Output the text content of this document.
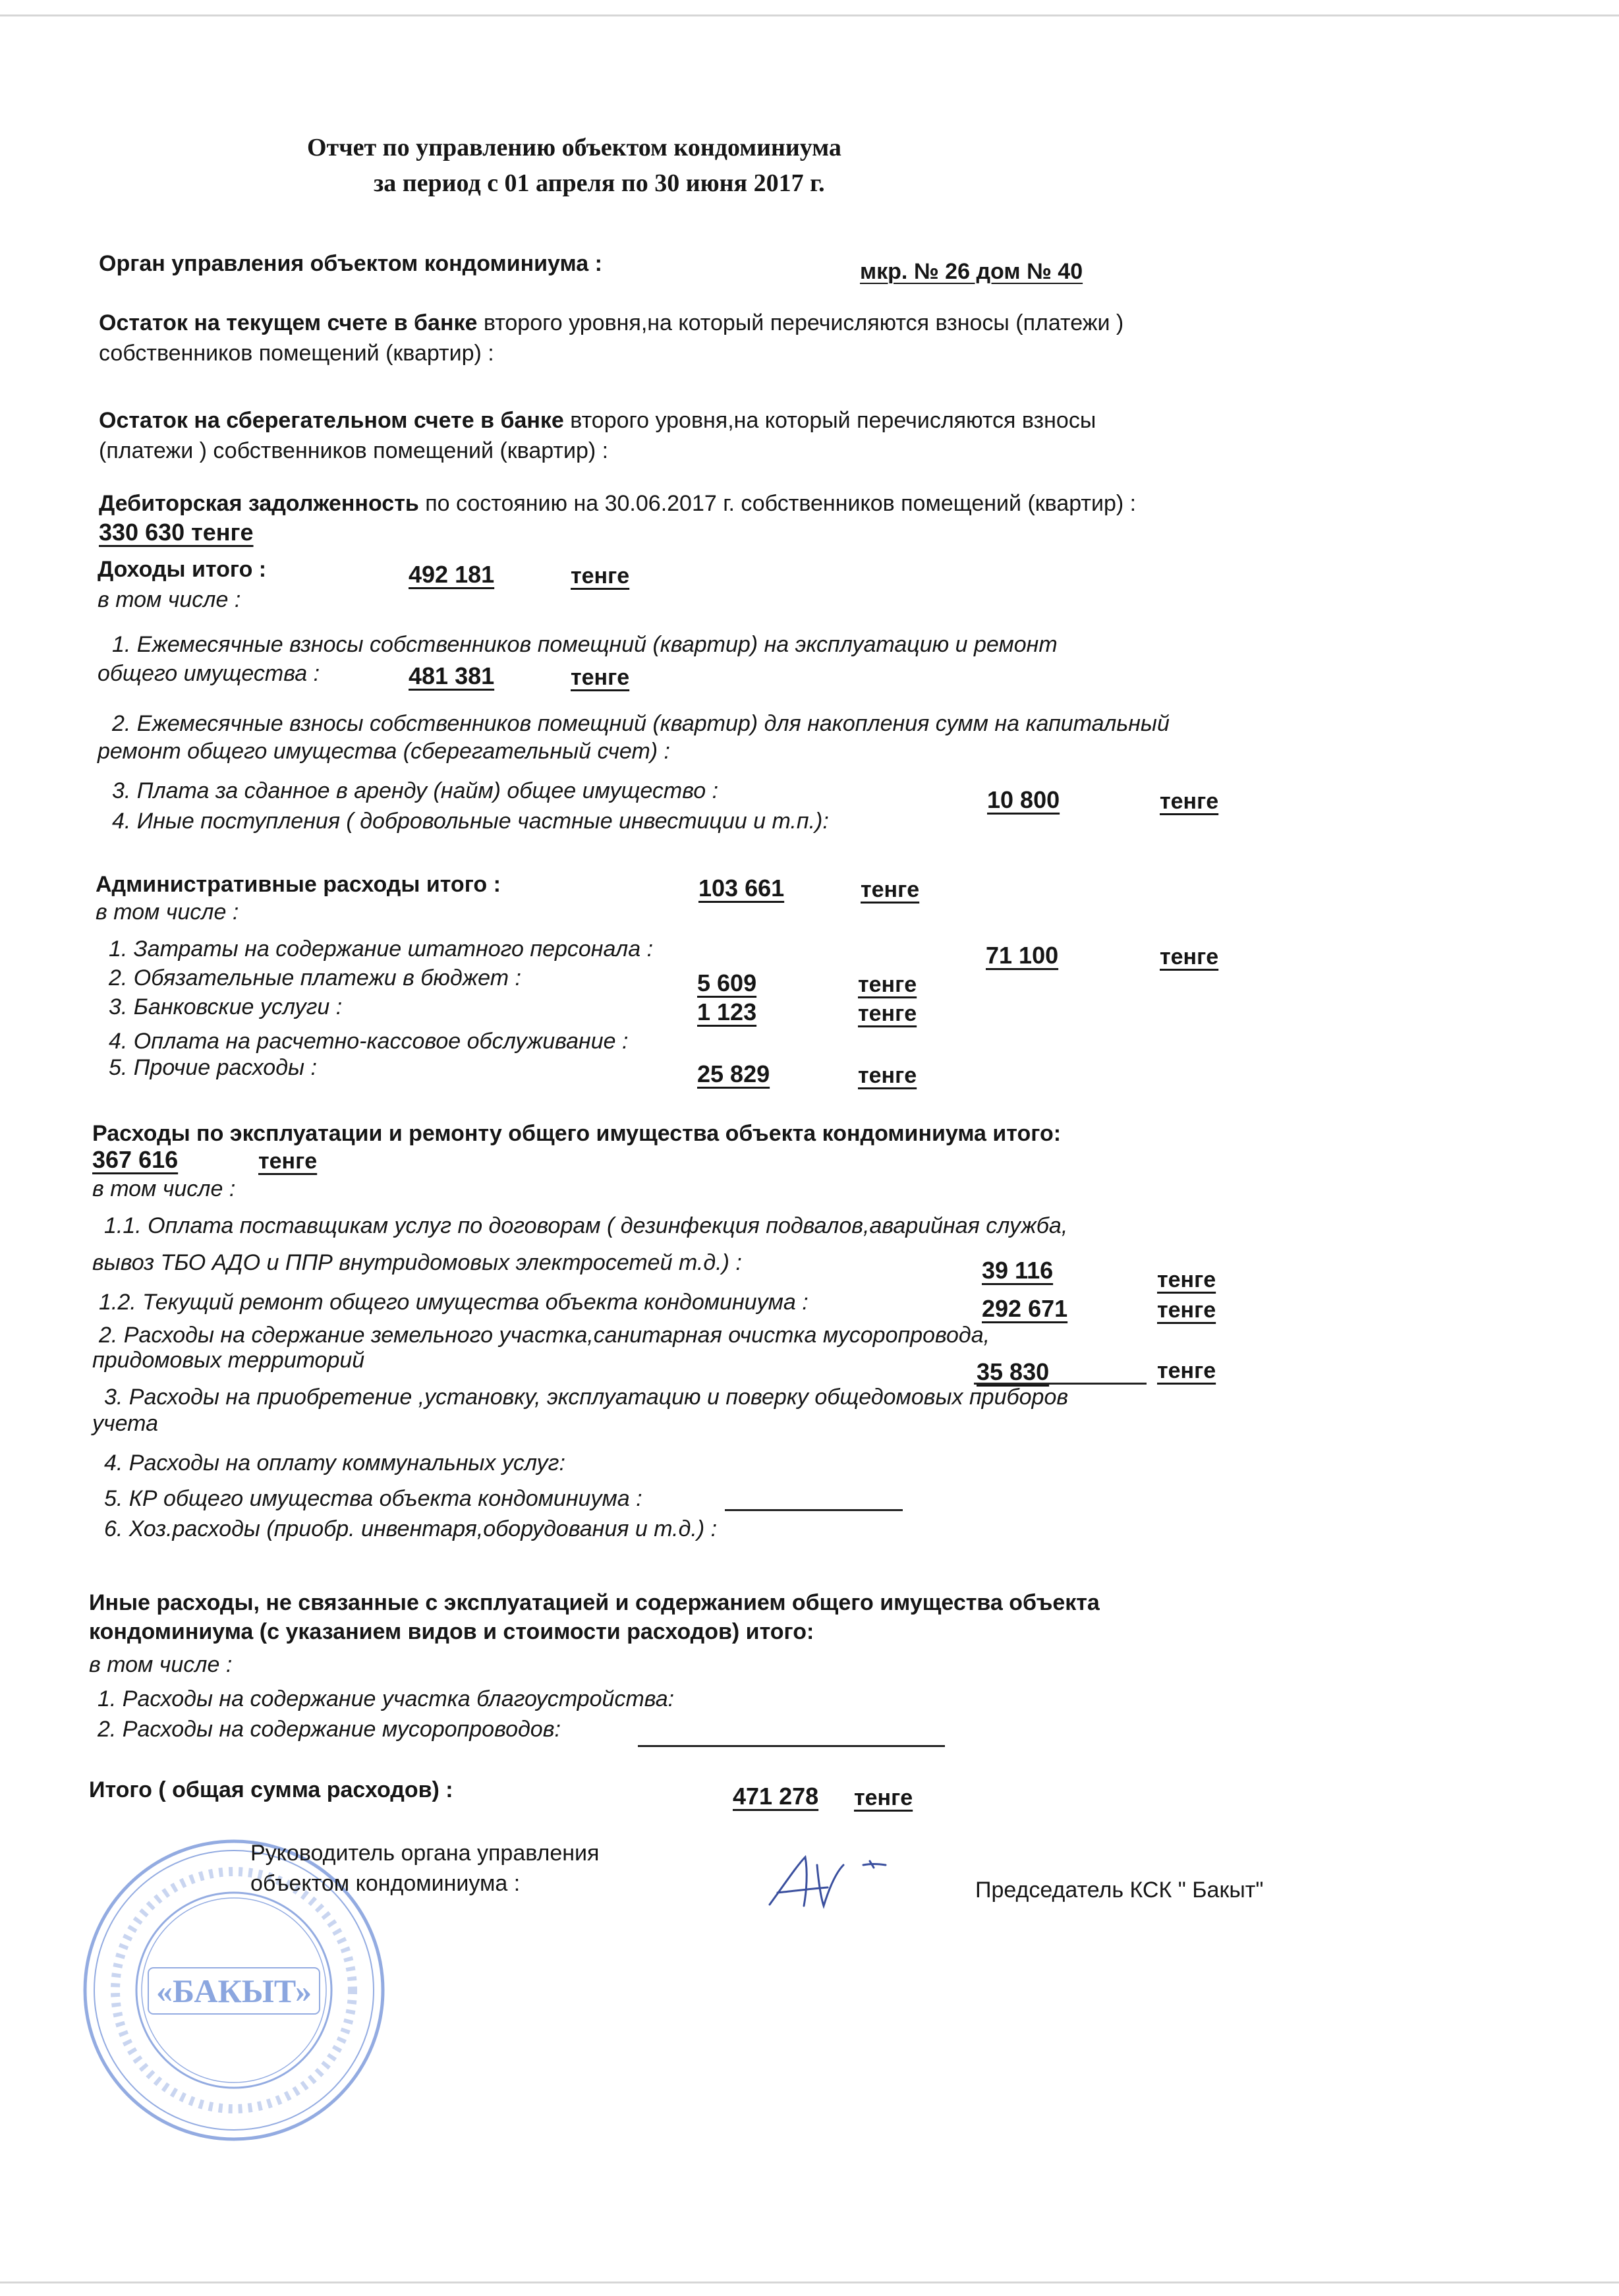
Отчет по управлению объектом кондоминиума
за период с 01 апреля по 30 июня 2017 г.
Орган управления объектом кондоминиума :	мкр. № 26 дом № 40
Остаток на текущем счете в банке второго уровня,на который перечисляются взносы (платежи )
собственников помещений (квартир) :
Остаток на сберегательном счете в банке второго уровня,на который перечисляются взносы
(платежи ) собственников помещений (квартир) :
Дебиторская задолженность по состоянию на 30.06.2017 г. собственников помещений (квартир) :
330 630 тенге
Доходы итого :	492 181	тенге
в том числе :
1. Ежемесячные взносы собственников помещний (квартир) на эксплуатацию и ремонт
общего имущества :	481 381	тенге
2. Ежемесячные взносы собственников помещний (квартир) для накопления сумм на капитальный
ремонт общего имущества (сберегательный счет) :
3. Плата за сданное в аренду (найм) общее имущество :	10 800	тенге
4. Иные поступления ( добровольные частные инвестиции и т.п.):
Административные расходы итого :	103 661	тенге
в том числе :
1. Затраты на содержание штатного персонала :	71 100	тенге
2. Обязательные платежи в бюджет :	5 609	тенге
3. Банковские услуги :	1 123	тенге
4. Оплата на расчетно-кассовое обслуживание :
5. Прочие расходы :	25 829	тенге
Расходы по эксплуатации и ремонту общего имущества объекта кондоминиума итого:
367 616	тенге
в том числе :
1.1. Оплата поставщикам услуг по договорам ( дезинфекция подвалов,аварийная служба,
вывоз ТБО АДО и ППР внутридомовых электросетей т.д.) :	39 116	тенге
1.2. Текущий ремонт общего имущества объекта кондоминиума :	292 671	тенге
2. Расходы на сдержание земельного участка,санитарная очистка мусоропровода,
придомовых территорий	35 830	тенге
3. Расходы на приобретение ,установку, эксплуатацию и поверку общедомовых приборов
учета
4. Расходы на оплату коммунальных услуг:
5. КР общего имущества объекта кондоминиума :
6. Хоз.расходы (приобр. инвентаря,оборудования и т.д.) :
Иные расходы, не связанные с эксплуатацией и содержанием общего имущества объекта
кондоминиума (с указанием видов и стоимости расходов) итого:
в том числе :
1. Расходы на содержание участка благоустройства:
2. Расходы на содержание мусоропроводов:
Итого ( общая сумма расходов) :	471 278 тенге
«БАКЫТ»
Руководитель органа управления
объектом кондоминиума :	Председатель КСК " Бакыт"
